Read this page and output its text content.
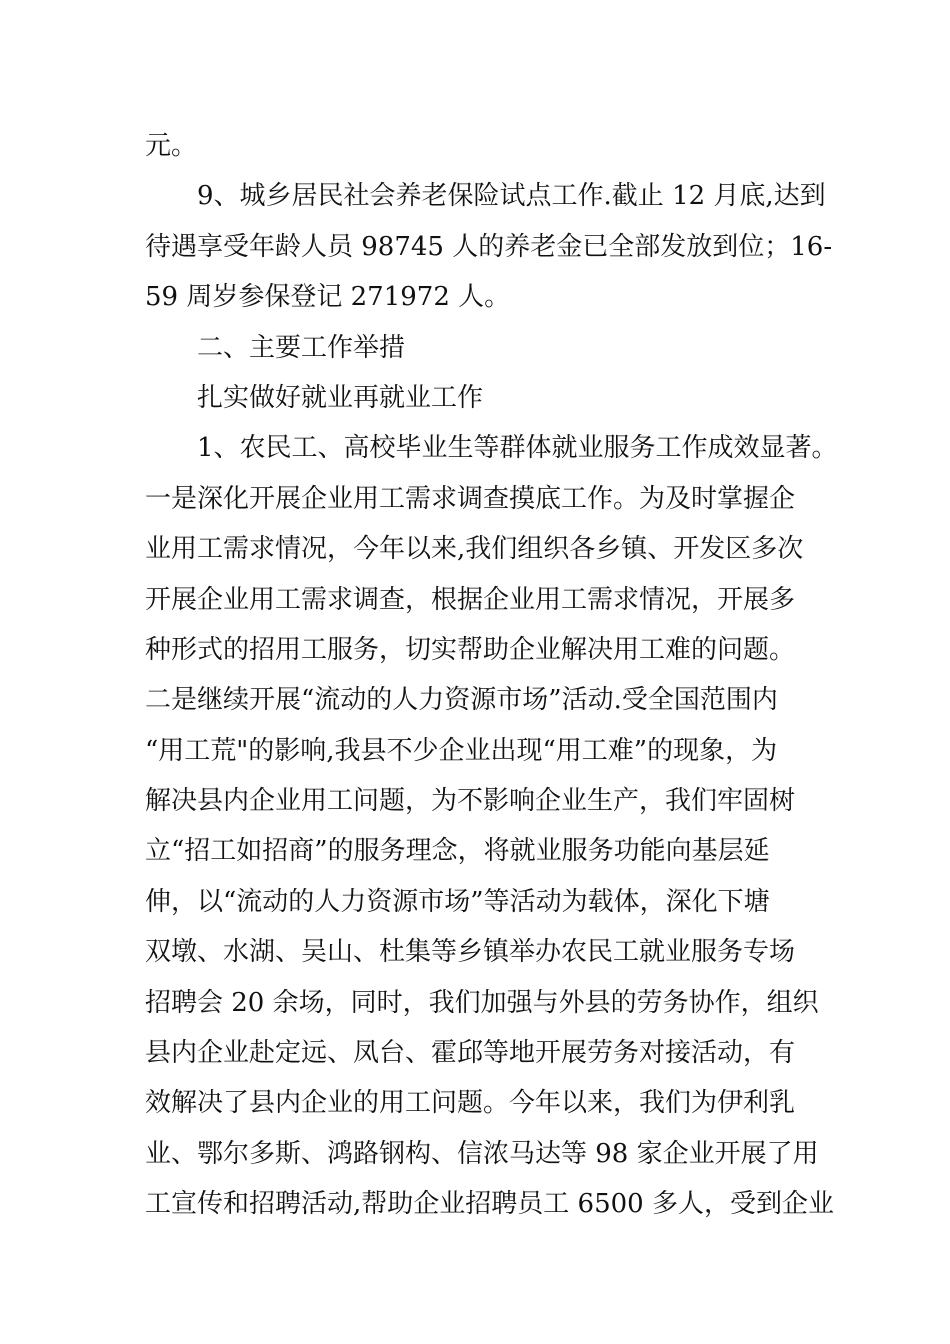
元。
9、城乡居民社会养老保险试点工作.截止 12 月底,达到
待遇享受年龄人员 98745 人的养老金已全部发放到位；16-
59 周岁参保登记 271972 人。
二、主要工作举措
扎实做好就业再就业工作
1、农民工、高校毕业生等群体就业服务工作成效显著。
一是深化开展企业用工需求调查摸底工作。为及时掌握企
业用工需求情况，今年以来,我们组织各乡镇、开发区多次
开展企业用工需求调查，根据企业用工需求情况，开展多
种形式的招用工服务，切实帮助企业解决用工难的问题。
二是继续开展“流动的人力资源市场”活动.受全国范围内
“用工荒"的影响,我县不少企业出现“用工难”的现象，为
解决县内企业用工问题，为不影响企业生产，我们牢固树
立“招工如招商”的服务理念，将就业服务功能向基层延
伸，以“流动的人力资源市场”等活动为载体，深化下塘
双墩、水湖、吴山、杜集等乡镇举办农民工就业服务专场
招聘会 20 余场，同时，我们加强与外县的劳务协作，组织
县内企业赴定远、凤台、霍邱等地开展劳务对接活动，有
效解决了县内企业的用工问题。今年以来，我们为伊利乳
业、鄂尔多斯、鸿路钢构、信浓马达等 98 家企业开展了用
工宣传和招聘活动,帮助企业招聘员工 6500 多人，受到企业
